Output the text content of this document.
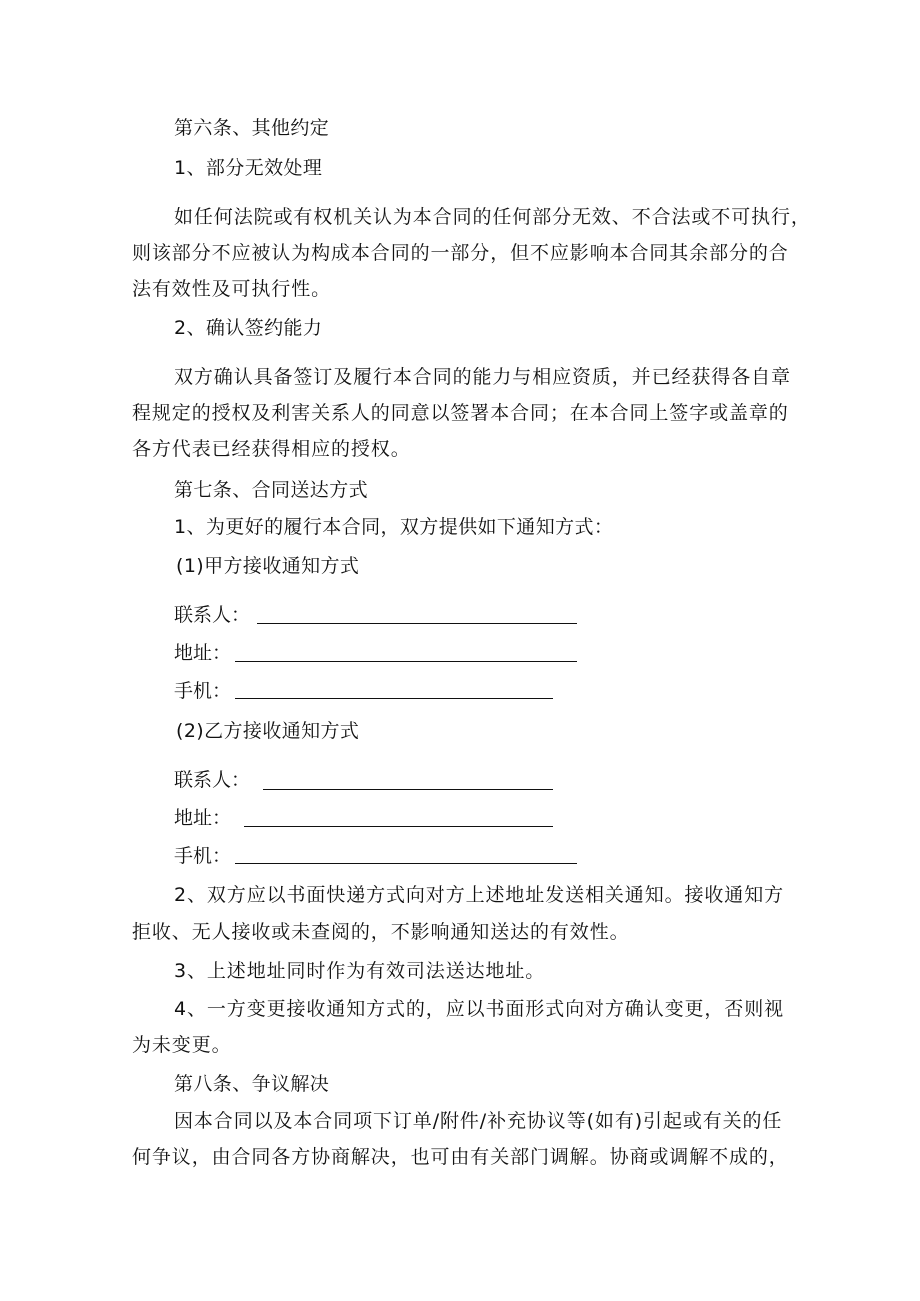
第六条、其他约定
1、部分无效处理
如任何法院或有权机关认为本合同的任何部分无效、不合法或不可执行，
则该部分不应被认为构成本合同的一部分，但不应影响本合同其余部分的合
法有效性及可执行性。
2、确认签约能力
双方确认具备签订及履行本合同的能力与相应资质，并已经获得各自章
程规定的授权及利害关系人的同意以签署本合同；在本合同上签字或盖章的
各方代表已经获得相应的授权。
第七条、合同送达方式
1、为更好的履行本合同，双方提供如下通知方式：
(1)甲方接收通知方式
联系人：
地址：
手机：
(2)乙方接收通知方式
联系人：
地址：
手机：
2、双方应以书面快递方式向对方上述地址发送相关通知。接收通知方
拒收、无人接收或未查阅的，不影响通知送达的有效性。
3、上述地址同时作为有效司法送达地址。
4、一方变更接收通知方式的，应以书面形式向对方确认变更，否则视
为未变更。
第八条、争议解决
因本合同以及本合同项下订单/附件/补充协议等(如有)引起或有关的任
何争议，由合同各方协商解决，也可由有关部门调解。协商或调解不成的，
